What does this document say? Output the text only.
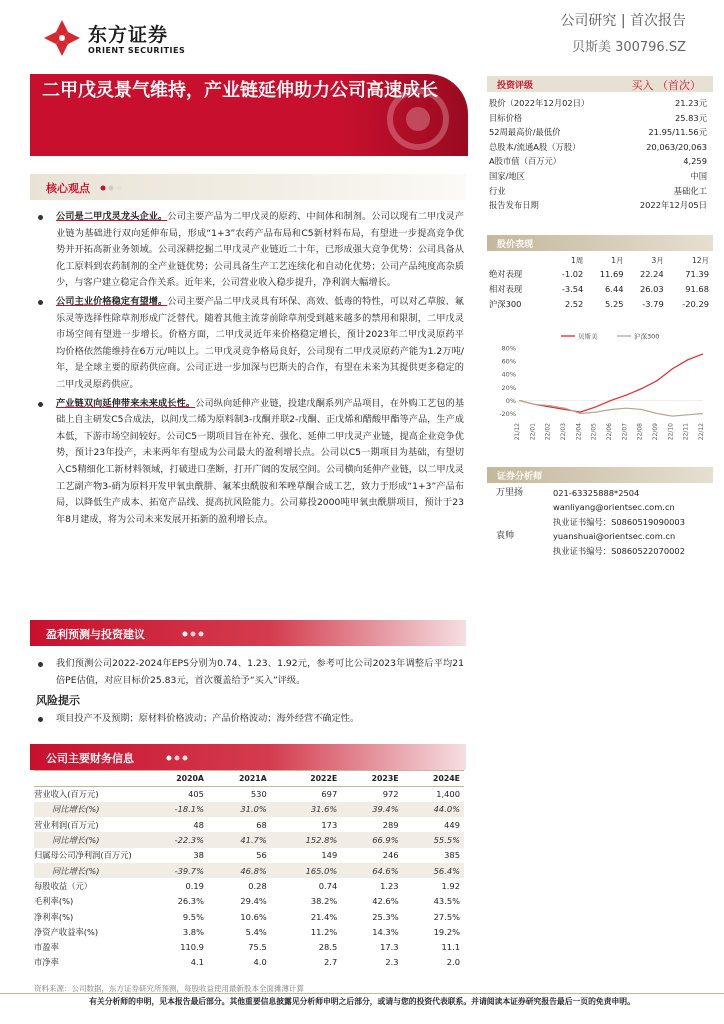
东方证券
ORIENT SECURITIES
公司研究 | 首次报告
贝斯美 300796.SZ
二甲戊灵景气维持，产业链延伸助力公司高速成长
核心观点
公司是二甲戊灵龙头企业。公司主要产品为二甲戊灵的原药、中间体和制剂。公司以现有二甲戊灵产业链为基础进行双向延伸布局，形成“1+3”农药产品布局和C5新材料布局，有望进一步提高竞争优势并开拓高新业务领域。公司深耕挖掘二甲戊灵产业链近二十年，已形成强大竞争优势：公司具备从化工原料到农药制剂的全产业链优势；公司具备生产工艺连续化和自动化优势；公司产品纯度高杂质少，与客户建立稳定合作关系。近年来，公司营业收入稳步提升，净利润大幅增长。
公司主业价格稳定有望增。公司主要产品二甲戊灵具有环保、高效、低毒的特性，可以对乙草胺、氟乐灵等选择性除草剂形成广泛替代。随着其他主流芽前除草剂受到越来越多的禁用和限制，二甲戊灵市场空间有望进一步增长。价格方面，二甲戊灵近年来价格稳定增长，预计2023年二甲戊灵原药平均价格依然能维持在6万元/吨以上。二甲戊灵竞争格局良好，公司现有二甲戊灵原药产能为1.2万吨/年，是全球主要的原药供应商。公司正进一步加深与巴斯夫的合作，有望在未来为其提供更多稳定的二甲戊灵原药供应。
产业链双向延伸带来未来成长性。公司纵向延伸产业链，投建戊酮系列产品项目，在外购工艺包的基础上自主研发C5合成法，以间戊二烯为原料制3-戊酮并联2-戊酮、正戊烯和醋酸甲酯等产品，生产成本低，下游市场空间较好。公司C5一期项目旨在补充、强化、延伸二甲戊灵产业链，提高企业竞争优势，预计23年投产，未来两年有望成为公司最大的盈利增长点。公司以C5一期项目为基础，有望切入C5精细化工新材料领域，打破进口垄断，打开广阔的发展空间。公司横向延伸产业链，以二甲戊灵工艺副产物3-硝为原料开发甲氧虫酰肼、氟苯虫酰胺和苯唑草酮合成工艺，致力于形成“1+3”产品布局，以降低生产成本、拓宽产品线、提高抗风险能力。公司募投2000吨甲氧虫酰肼项目，预计于23年8月建成，将为公司未来发展开拓新的盈利增长点。
盈利预测与投资建议
我们预测公司2022-2024年EPS分别为0.74、1.23、1.92元，参考可比公司2023年调整后平均21倍PE估值，对应目标价25.83元，首次覆盖给予“买入”评级。
风险提示
项目投产不及预期；原材料价格波动；产品价格波动；海外经营不确定性。
公司主要财务信息
	2020A	2021A	2022E	2023E	2024E
营业收入(百万元)	405	530	697	972	1,400
同比增长(%)	-18.1%	31.0%	31.6%	39.4%	44.0%
营业利润(百万元)	48	68	173	289	449
同比增长(%)	-22.3%	41.7%	152.8%	66.9%	55.5%
归属母公司净利润(百万元)	38	56	149	246	385
同比增长(%)	-39.7%	46.8%	165.0%	64.6%	56.4%
每股收益（元）	0.19	0.28	0.74	1.23	1.92
毛利率(%)	26.3%	29.4%	38.2%	42.6%	43.5%
净利率(%)	9.5%	10.6%	21.4%	25.3%	27.5%
净资产收益率(%)	3.8%	5.4%	11.2%	14.3%	19.2%
市盈率	110.9	75.5	28.5	17.3	11.1
市净率	4.1	4.0	2.7	2.3	2.0
资料来源：公司数据，东方证券研究所预测，每股收益使用最新股本全面摊薄计算
有关分析师的申明，见本报告最后部分。其他重要信息披露见分析师申明之后部分，或请与您的投资代表联系。并请阅读本证券研究报告最后一页的免责申明。
投资评级	买入 （首次）
股价（2022年12月02日）	21.23元
目标价格	25.83元
52周最高价/最低价	21.95/11.56元
总股本/流通A股（万股）	20,063/20,063
A股市值（百万元）	4,259
国家/地区	中国
行业	基础化工
报告发布日期	2022年12月05日
股价表现
	1周	1月	3月	12月
绝对表现	-1.02	11.69	22.24	71.39
相对表现	-3.54	6.44	26.03	91.68
沪深300	2.52	5.25	-3.79	-20.29
80%
60%
40%
20%
0%
-20%
21/12 22/01 22/02 22/03 22/04 22/05 22/06 22/07 22/08 22/09 22/10 22/11 22/12
贝斯美	沪深300
证券分析师
万里扬	021-63325888*2504
wanliyang@orientsec.com.cn
执业证书编号：S0860519090003
袁帅	yuanshuai@orientsec.com.cn
执业证书编号：S0860522070002
